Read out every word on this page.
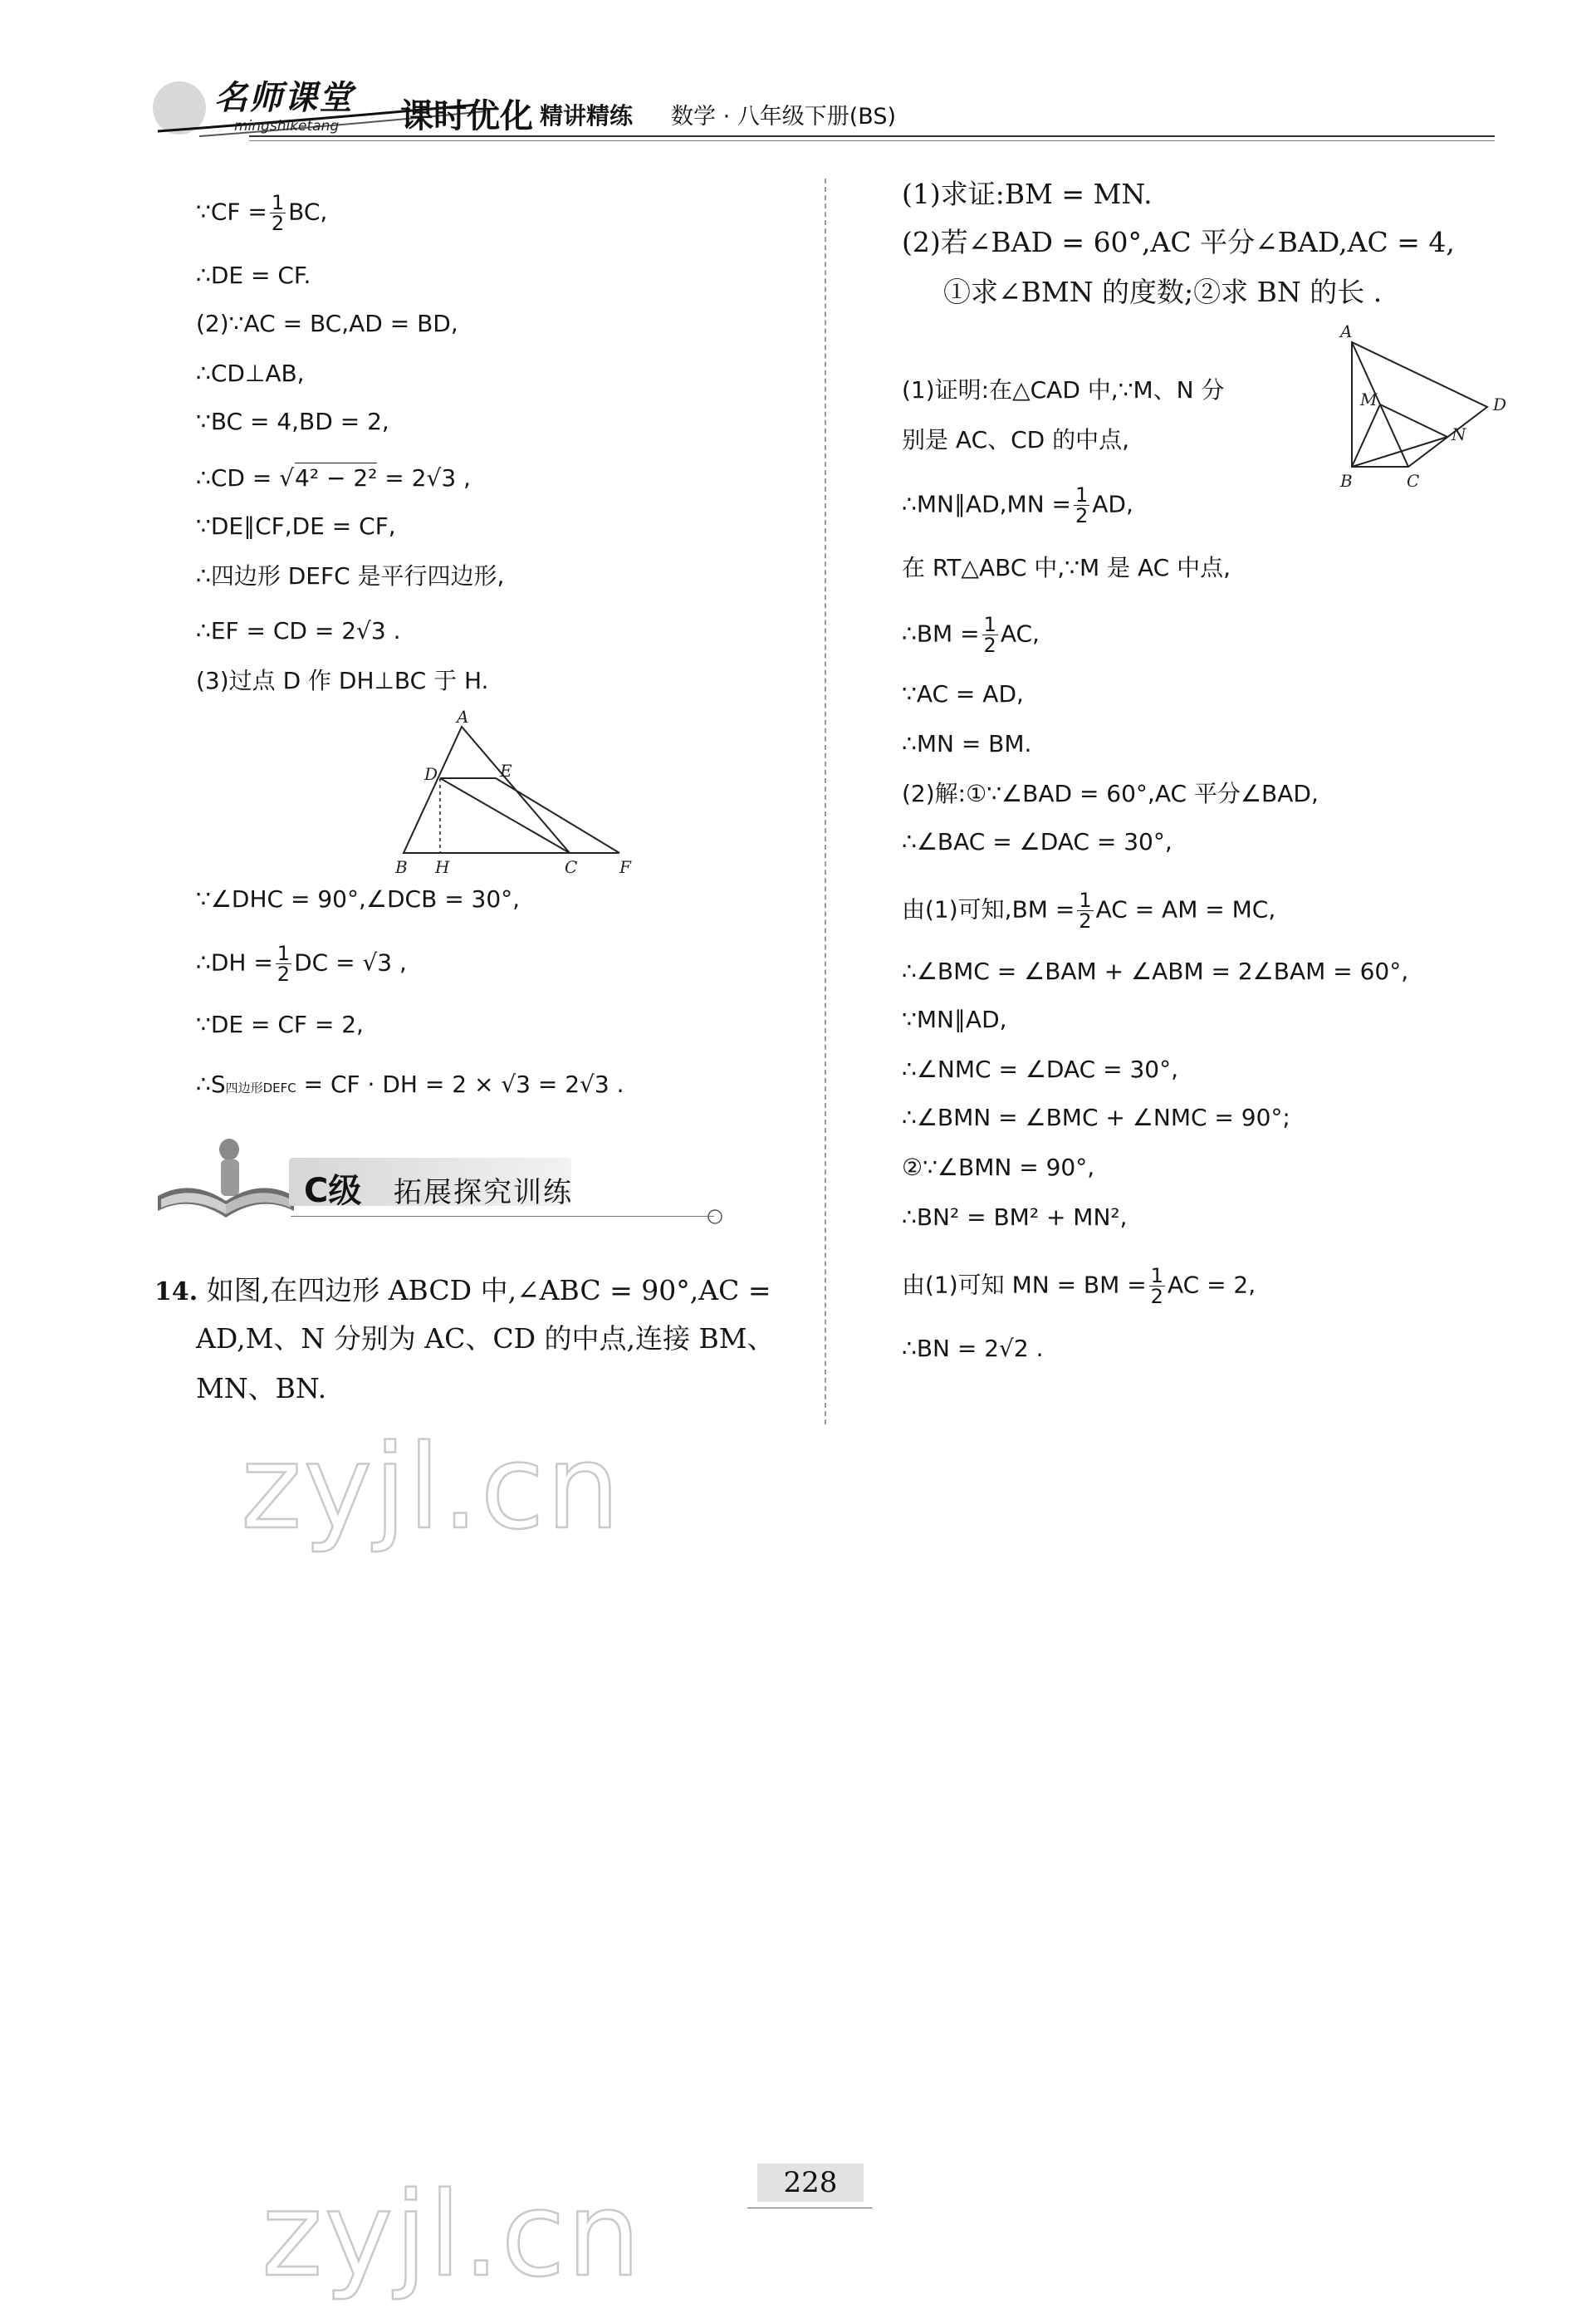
名师课堂
mingshiketang 课时优化 精讲精练 数学 · 八年级下册(BS)
∵CF = $\frac{1}{2}$ BC,
∴DE = CF.
(2)∵AC = BC,AD = BD,
∴CD⊥AB,
∵BC = 4,BD = 2,
∴CD = √4² − 2² = 2√3 ,
∵DE∥CF,DE = CF,
∴四边形 DEFC 是平行四边形,
∴EF = CD = 2√3 .
(3)过点 D 作 DH⊥BC 于 H.
A
D	E
B H	C	F
∵∠DHC = 90°,∠DCB = 30°,
∴DH = $\frac{1}{2}$ DC = √3 ,
∵DE = CF = 2,
∴S四边形DEFC = CF · DH = 2 × √3 = 2√3 .
C级 拓展探究训练
14. 如图,在四边形 ABCD 中,∠ABC = 90°,AC =
AD,M、N 分别为 AC、CD 的中点,连接 BM、
MN、BN.
(1)求证:BM = MN.
(2)若∠BAD = 60°,AC 平分∠BAD,AC = 4,
①求∠BMN 的度数;②求 BN 的长 .
A
M	D
N
B	C
(1)证明:在△CAD 中,∵M、N 分
别是 AC、CD 的中点,
∴MN∥AD,MN = $\frac{1}{2}$ AD,
在 RT△ABC 中,∵M 是 AC 中点,
∴BM = $\frac{1}{2}$ AC,
∵AC = AD,
∴MN = BM.
(2)解:①∵∠BAD = 60°,AC 平分∠BAD,
∴∠BAC = ∠DAC = 30°,
由(1)可知$,BM = \frac{1}{2}$ AC = AM = MC,
∴∠BMC = ∠BAM + ∠ABM = 2∠BAM = 60°,
∵MN∥AD,
∴∠NMC = ∠DAC = 30°,
∴∠BMN = ∠BMC + ∠NMC = 90°;
②∵∠BMN = 90°,
∴BN² = BM² + MN²,
由(1)可知 MN = BM = $\frac{1}{2}$ AC = 2,
∴BN = 2√2 .
zyjl.cn
zyjl.cn	228
